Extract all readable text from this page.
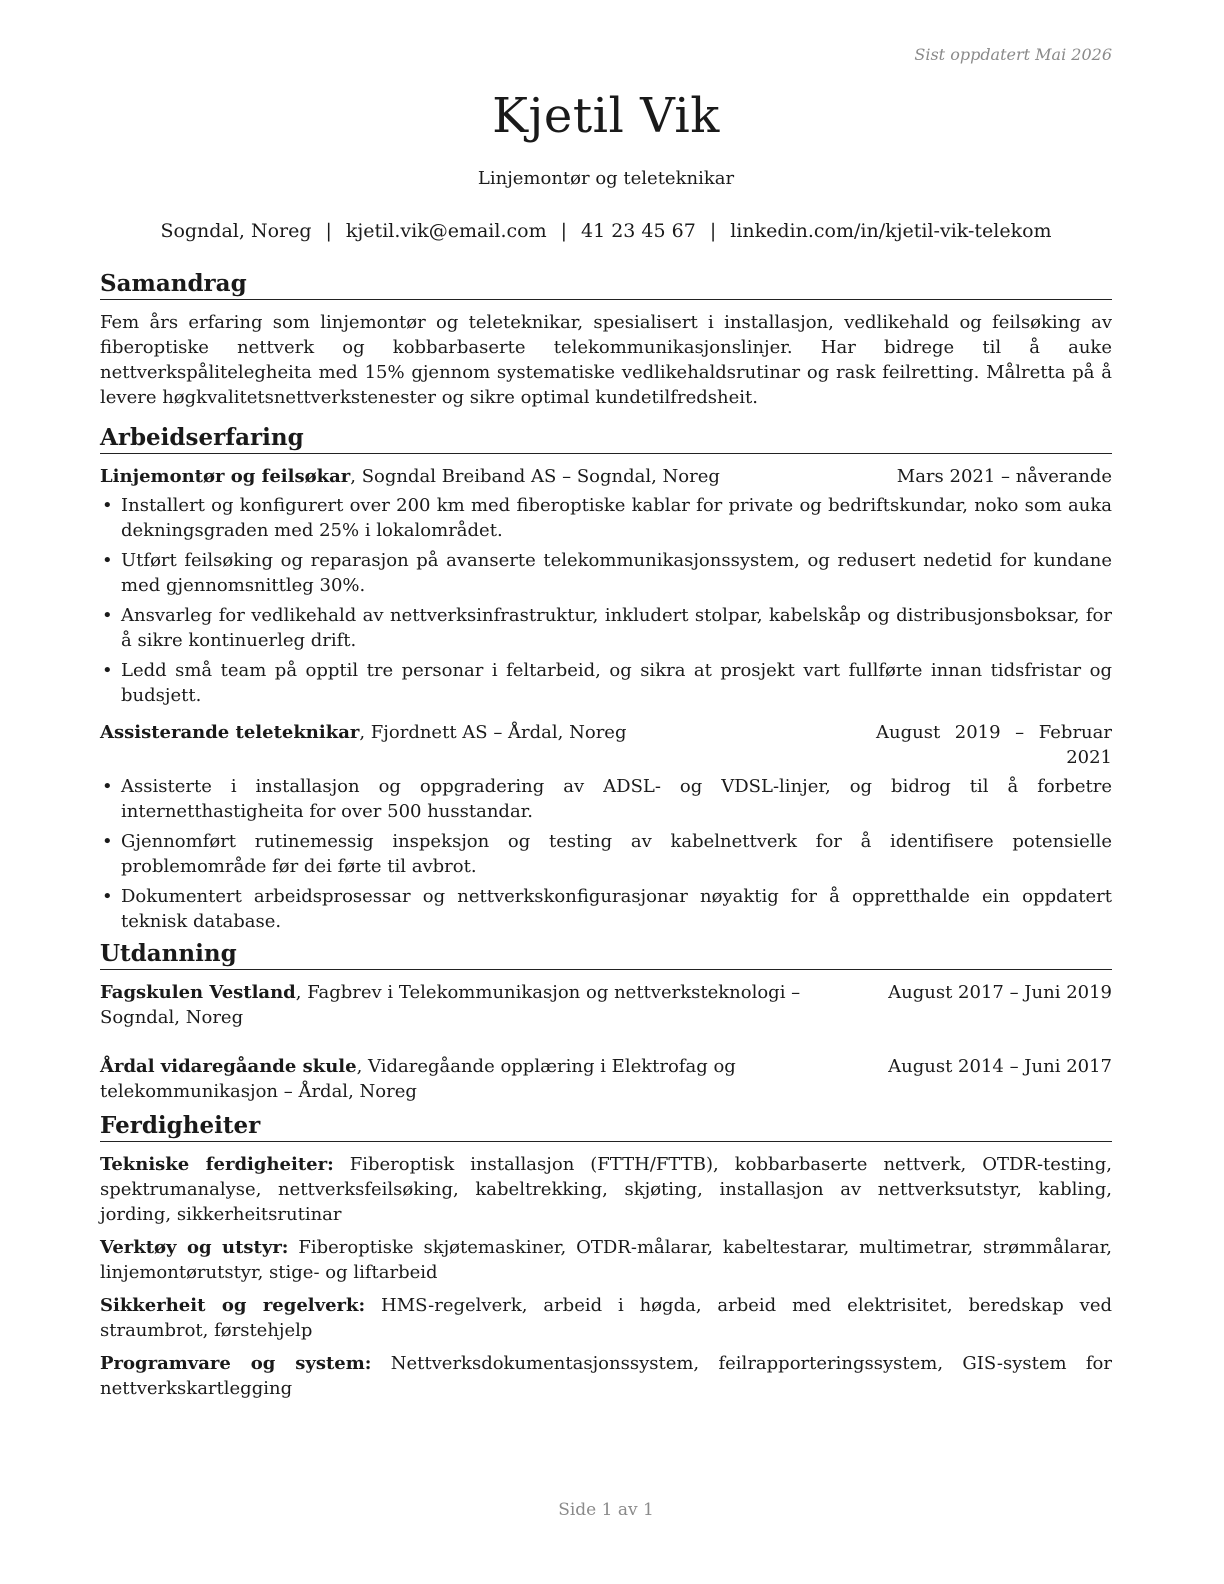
Sist oppdatert Mai 2026
Kjetil Vik
Linjemontør og teleteknikar
Sogndal, Noreg | kjetil.vik@email.com | 41 23 45 67 | linkedin.com/in/kjetil-vik-telekom
Samandrag

Fem års erfaring som linjemontør og teleteknikar, spesialisert i installasjon, vedlikehald og feilsøking av fiberoptiske nettverk og kobbarbaserte telekommunikasjonslinjer. Har bidrege til å auke nettverkspålitelegheita med 15% gjennom systematiske vedlikehaldsrutinar og rask feilretting. Målretta på å levere høgkvalitetsnettverkstenester og sikre optimal kundetilfredsheit.

Arbeidserfaring
Linjemontør og feilsøkar, Sogndal Breiband AS – Sogndal, Noreg	Mars 2021 – nåverande
• Installert og konfigurert over 200 km med fiberoptiske kablar for private og bedriftskundar, noko som auka dekningsgraden med 25% i lokalområdet.
• Utført feilsøking og reparasjon på avanserte telekommunikasjonssystem, og redusert nedetid for kundane med gjennomsnittleg 30%.
• Ansvarleg for vedlikehald av nettverksinfrastruktur, inkludert stolpar, kabelskåp og distribusjonsboksar, for å sikre kontinuerleg drift.
• Ledd små team på opptil tre personar i feltarbeid, og sikra at prosjekt vart fullførte innan tidsfristar og budsjett.
Assisterande teleteknikar, Fjordnett AS – Årdal, Noreg	August 2019 – Februar 2021
• Assisterte i installasjon og oppgradering av ADSL- og VDSL-linjer, og bidrog til å forbetre internetthastigheita for over 500 husstandar.
• Gjennomført rutinemessig inspeksjon og testing av kabelnettverk for å identifisere potensielle problemområde før dei førte til avbrot.
• Dokumentert arbeidsprosessar og nettverkskonfigurasjonar nøyaktig for å oppretthalde ein oppdatert teknisk database.
Utdanning
Fagskulen Vestland, Fagbrev i Telekommunikasjon og nettverksteknologi – Sogndal, Noreg
August 2017 – Juni 2019
Årdal vidaregåande skule, Vidaregåande opplæring i Elektrofag og telekommunikasjon – Årdal, Noreg
August 2014 – Juni 2017
Ferdigheiter

Tekniske ferdigheiter: Fiberoptisk installasjon (FTTH/FTTB), kobbarbaserte nettverk, OTDR-testing, spektrumanalyse, nettverksfeilsøking, kabeltrekking, skjøting, installasjon av nettverksutstyr, kabling, jording, sikkerheitsrutinar

Verktøy og utstyr: Fiberoptiske skjøtemaskiner, OTDR-målarar, kabeltestarar, multimetrar, strømmålarar, linjemontørutstyr, stige- og liftarbeid

Sikkerheit og regelverk: HMS-regelverk, arbeid i høgda, arbeid med elektrisitet, beredskap ved straumbrot, førstehjelp

Programvare og system: Nettverksdokumentasjonssystem, feilrapporteringssystem, GIS-system for nettverkskartlegging

Side 1 av 1
